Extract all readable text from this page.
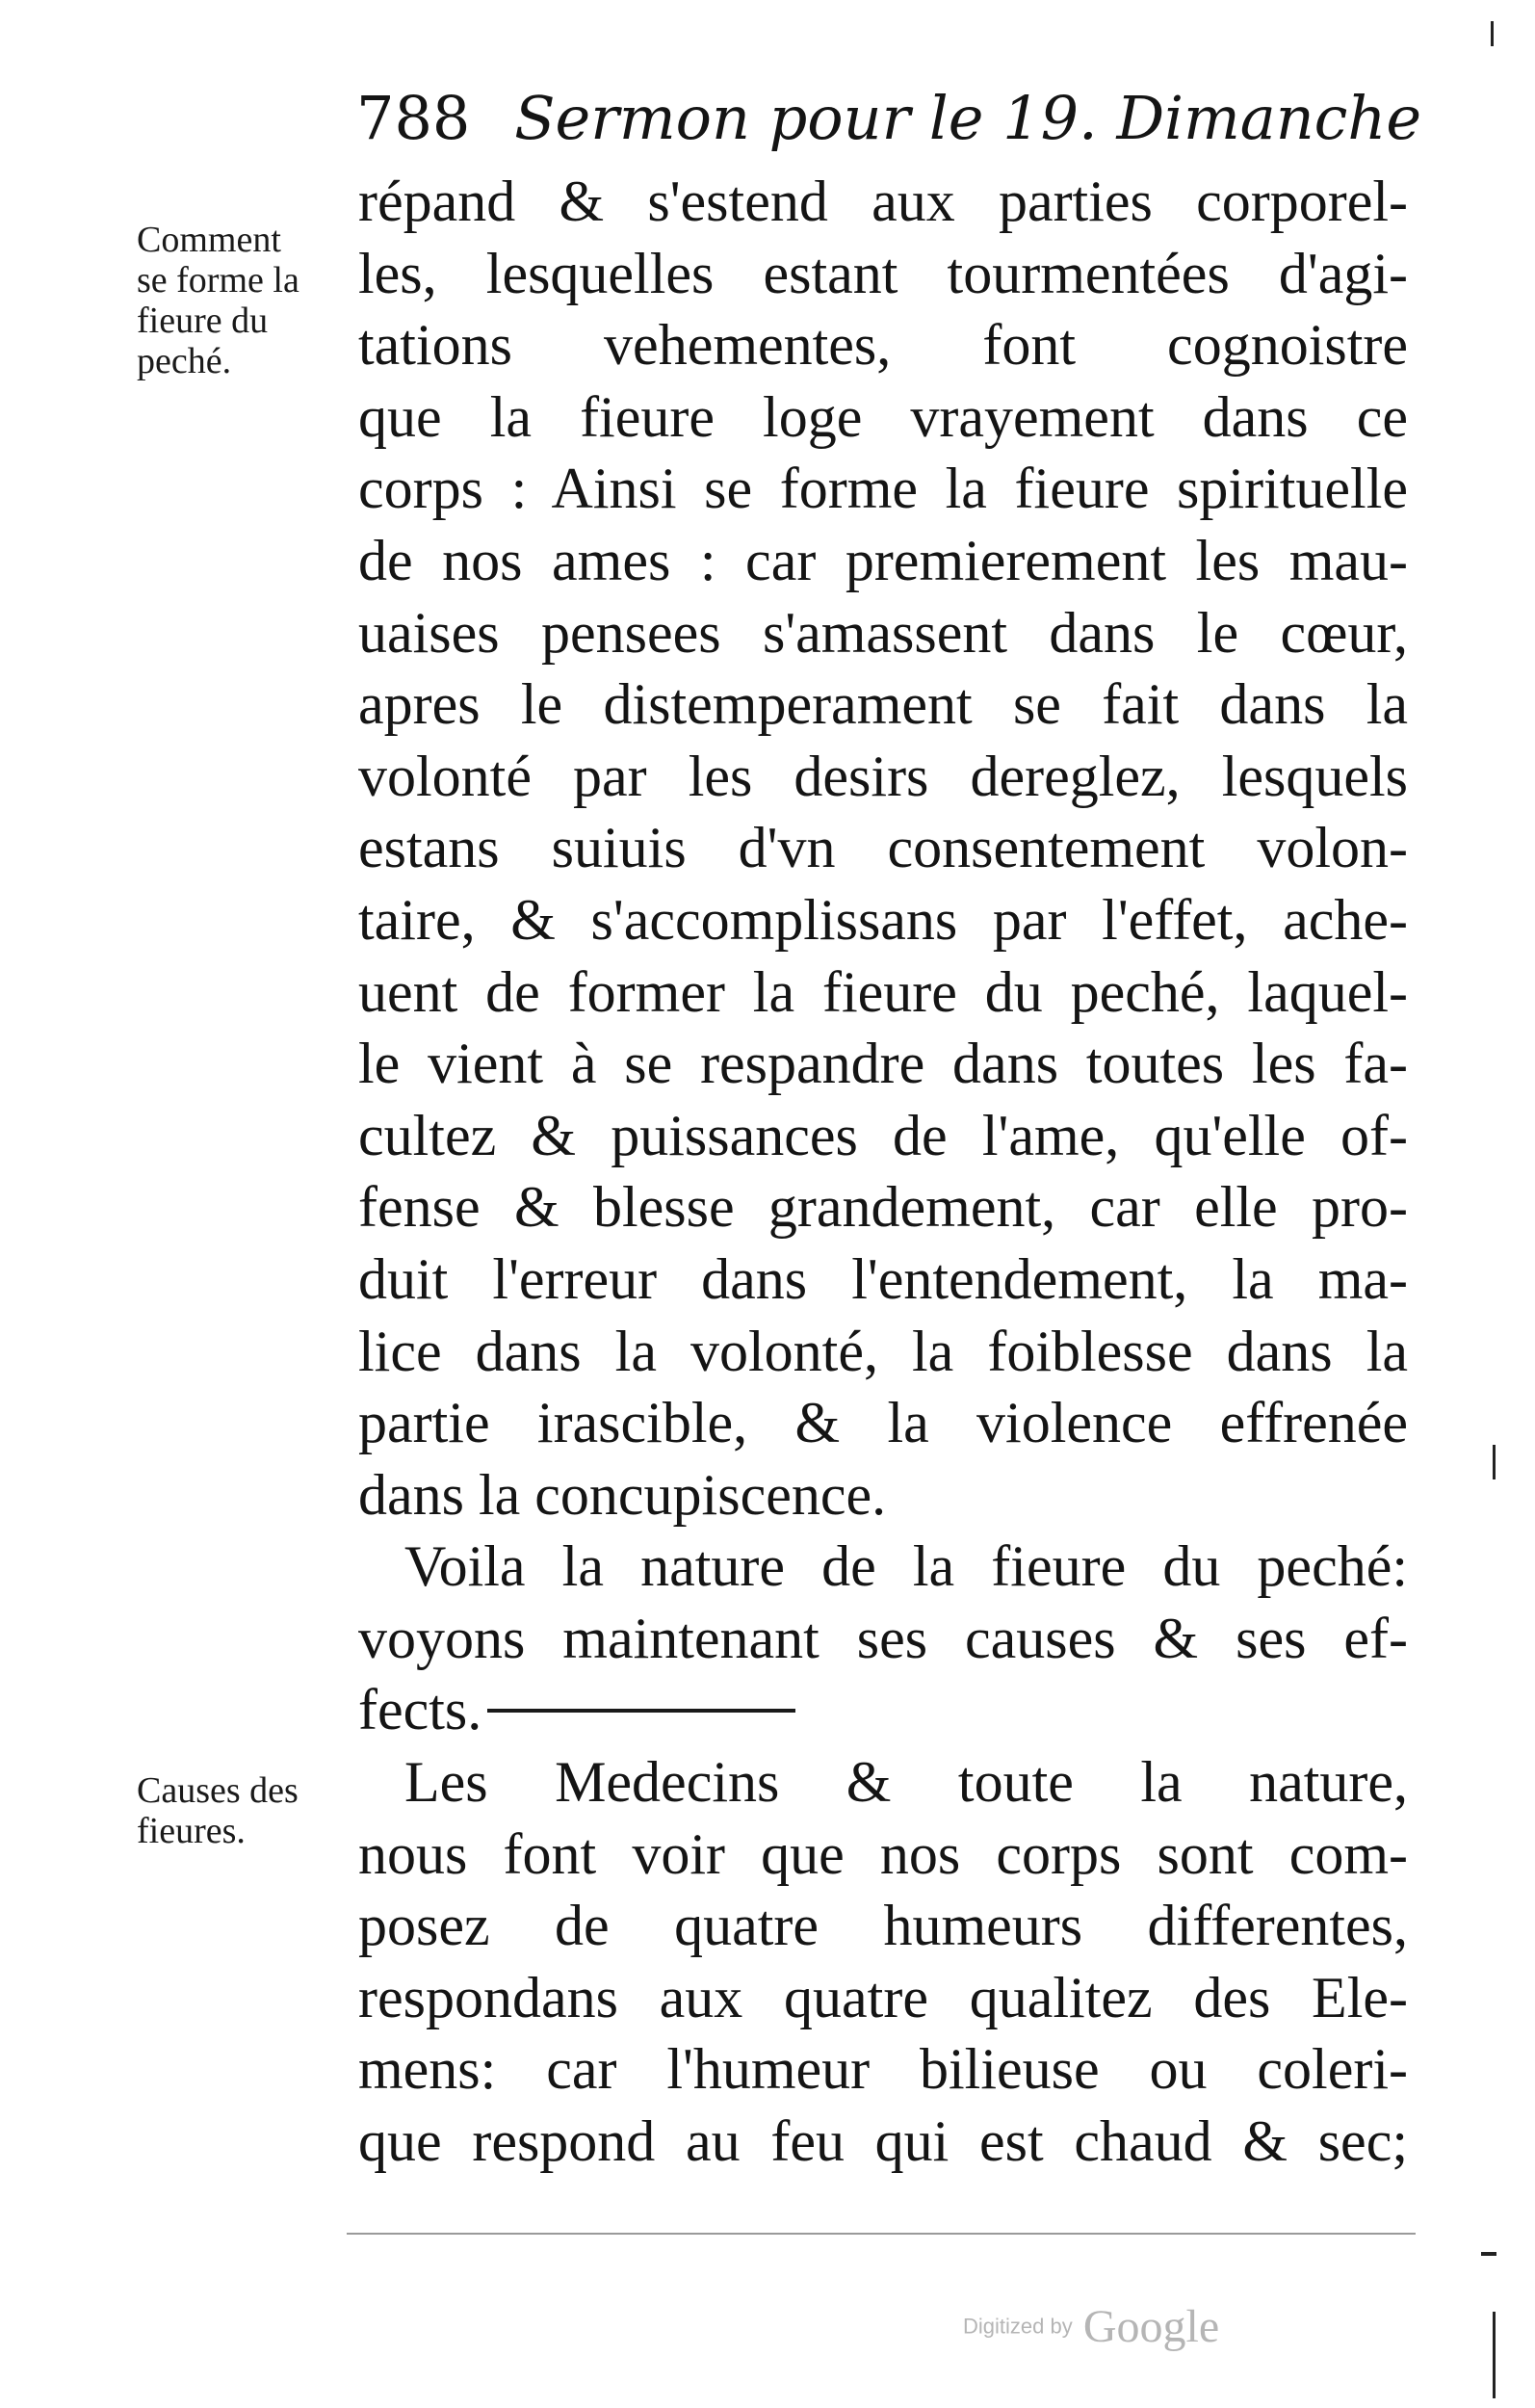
788 Sermon pour le 19. Dimanche
Comment
se forme la
fieure du
peché.
Causes des
fieures.
répand & s'estend aux parties corporel-
les, lesquelles estant tourmentées d'agi-
tations vehementes, font cognoistre
que la fieure loge vrayement dans ce
corps : Ainsi se forme la fieure spirituelle
de nos ames : car premierement les mau-
uaises pensees s'amassent dans le cœur,
apres le distemperament se fait dans la
volonté par les desirs dereglez, lesquels
estans suiuis d'vn consentement volon-
taire, & s'accomplissans par l'effet, ache-
uent de former la fieure du peché, laquel-
le vient à se respandre dans toutes les fa-
cultez & puissances de l'ame, qu'elle of-
fense & blesse grandement, car elle pro-
duit l'erreur dans l'entendement, la ma-
lice dans la volonté, la foiblesse dans la
partie irascible, & la violence effrenée
dans la concupiscence.
Voila la nature de la fieure du peché:
voyons maintenant ses causes & ses ef-
fects.
Les Medecins & toute la nature,
nous font voir que nos corps sont com-
posez de quatre humeurs differentes,
respondans aux quatre qualitez des Ele-
mens: car l'humeur bilieuse ou coleri-
que respond au feu qui est chaud & sec;
Digitized by Google
